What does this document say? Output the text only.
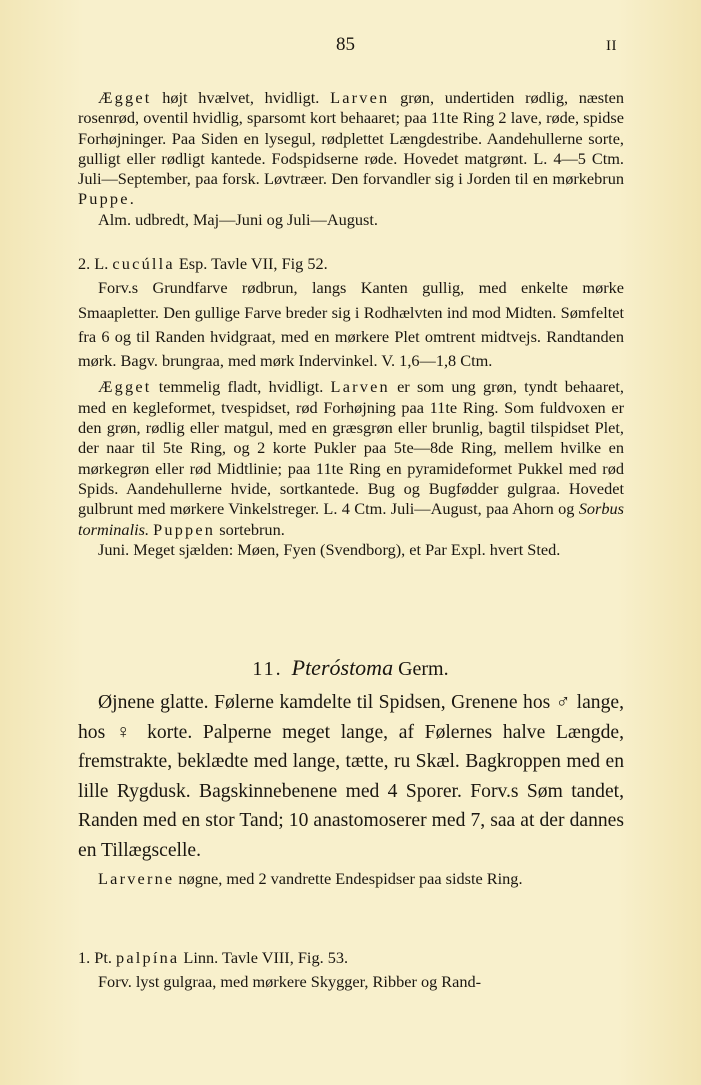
85	II

Ægget højt hvælvet, hvidligt. Larven grøn, undertiden rødlig, næsten rosenrød, oventil hvidlig, sparsomt kort behaaret; paa 11te Ring 2 lave, røde, spidse Forhøjninger. Paa Siden en lysegul, rødplettet Længdestribe. Aandehullerne sorte, gulligt eller rødligt kantede. Fodspidserne røde. Hovedet matgrønt. L. 4—5 Ctm. Juli—September, paa forsk. Løvtræer. Den forvandler sig i Jorden til en mørkebrun Puppe.

Alm. udbredt, Maj—Juni og Juli—August.

2. L. cucúlla Esp. Tavle VII, Fig 52.

Forv.s Grundfarve rødbrun, langs Kanten gullig, med enkelte mørke Smaapletter. Den gullige Farve breder sig i Rodhælvten ind mod Midten. Sømfeltet fra 6 og til Randen hvidgraat, med en mørkere Plet omtrent midtvejs. Randtanden mørk. Bagv. brungraa, med mørk Indervinkel. V. 1,6—1,8 Ctm.

Ægget temmelig fladt, hvidligt. Larven er som ung grøn, tyndt behaaret, med en kegleformet, tvespidset, rød Forhøjning paa 11te Ring. Som fuldvoxen er den grøn, rødlig eller matgul, med en græsgrøn eller brunlig, bagtil tilspidset Plet, der naar til 5te Ring, og 2 korte Pukler paa 5te—8de Ring, mellem hvilke en mørkegrøn eller rød Midtlinie; paa 11te Ring en pyramideformet Pukkel med rød Spids. Aandehullerne hvide, sortkantede. Bug og Bugfødder gulgraa. Hovedet gulbrunt med mørkere Vinkelstreger. L. 4 Ctm. Juli—August, paa Ahorn og Sorbus torminalis. Puppen sortebrun.

Juni. Meget sjælden: Møen, Fyen (Svendborg), et Par Expl. hvert Sted.

11. Pteróstoma Germ.

Øjnene glatte. Følerne kamdelte til Spidsen, Grenene hos ♂ lange, hos ♀ korte. Palperne meget lange, af Følernes halve Længde, fremstrakte, beklædte med lange, tætte, ru Skæl. Bagkroppen med en lille Rygdusk. Bagskinnebenene med 4 Sporer. Forv.s Søm tandet, Randen med en stor Tand; 10 anastomoserer med 7, saa at der dannes en Tillægscelle.

Larverne nøgne, med 2 vandrette Endespidser paa sidste Ring.

1. Pt. palpína Linn. Tavle VIII, Fig. 53.

Forv. lyst gulgraa, med mørkere Skygger, Ribber og Rand-
